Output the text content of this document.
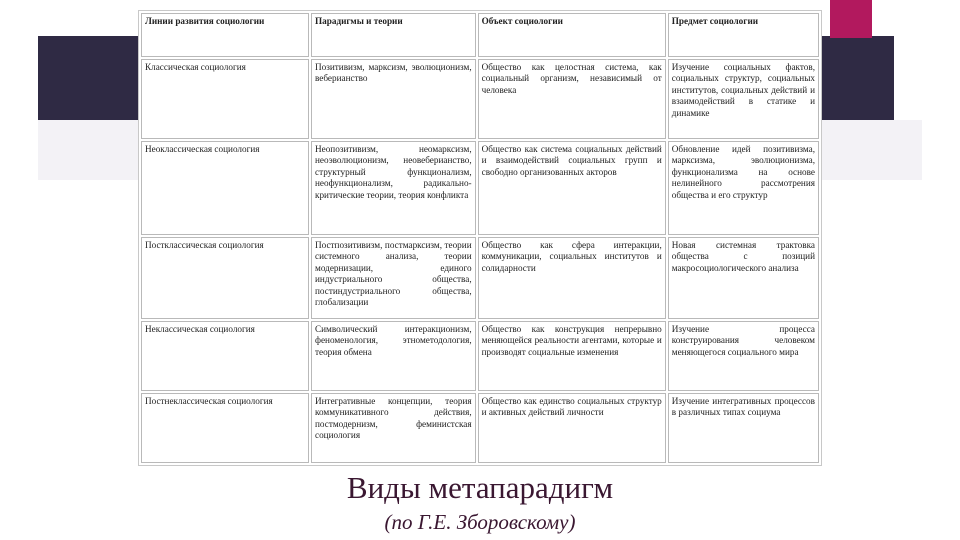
Линии развития социологии	Парадигмы и теории	Объект социологии	Предмет социологии
Классическая социология	Позитивизм, марксизм, эволюционизм, веберианство	Общество как целостная система, как социальный организм, независимый от человека	Изучение социальных фактов, социальных структур, социальных институтов, социальных действий и взаимодействий в статике и динамике
Неоклассическая социология	Неопозитивизм, неомарксизм, неоэволюционизм, неовеберианство, структурный функционализм, неофункционализм, радикально-критические теории, теория конфликта	Общество как система социальных действий и взаимодействий социальных групп и свободно организованных акторов	Обновление идей позитивизма, марксизма, эволюционизма, функционализма на основе нелинейного рассмотрения общества и его структур
Постклассическая социология	Постпозитивизм, постмарксизм, теории системного анализа, теории модернизации, единого индустриального общества, постиндустриального общества, глобализации	Общество как сфера интеракции, коммуникации, социальных институтов и солидарности	Новая системная трактовка общества с позиций макросоциологического анализа
Неклассическая социология	Символический интеракционизм, феноменология, этнометодология, теория обмена	Общество как конструкция непрерывно меняющейся реальности агентами, которые и производят социальные изменения	Изучение процесса конструирования человеком меняющегося социального мира
Постнеклассическая социология	Интегративные концепции, теория коммуникативного действия, постмодернизм, феминистская социология	Общество как единство социальных структур и активных действий личности	Изучение интегративных процессов в различных типах социума
Виды метапарадигм
(по Г.Е. Зборовскому)
